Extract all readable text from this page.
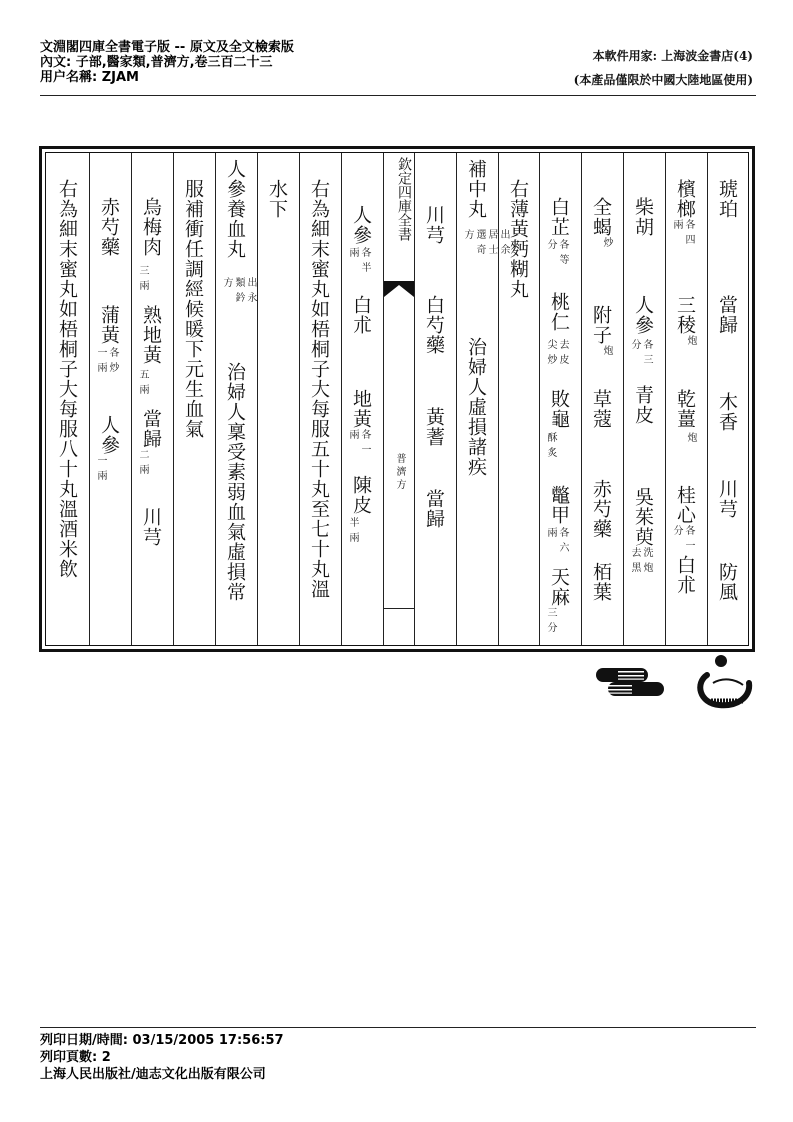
文淵閣四庫全書電子版 -- 原文及全文檢索版
內文: 子部,醫家類,普濟方,卷三百二十三
用户名稱: ZJAM
本軟件用家: 上海波金書店(4)
(本產品僅限於中國大陸地區使用)
琥珀
當歸
木香
川芎
防風
檳榔
三稜
乾薑
桂心
白朮
各四兩
炮
炮
各一分
柴胡
人參
青皮
吳茱萸
各三分
洗炮去黑
全蝎
附子
草蔻
赤芍藥
栢葉
炒
炮
白芷
桃仁
敗龜
鼈甲
天麻
各等分
去皮尖炒
酥炙
各六兩
三分
右薄黃麪糊丸
補中丸
治婦人虛損諸疾
出余居士選奇方
川芎
白芍藥
黃蓍
當歸
欽定四庫全書
普濟方
人參
白朮
地黃
陳皮
各半兩
各一兩
半兩
右為細末蜜丸如梧桐子大每服五十丸至七十丸溫
水下
人參養血丸
治婦人稟受素弱血氣虛損常
出永類鈐方
服補衝任調經候暖下元生血氣
烏梅肉
熟地黃
當歸
川芎
三兩
五兩
二兩
赤芍藥
蒲黃
人參
各炒一兩
一兩
右為細末蜜丸如梧桐子大每服八十丸溫酒米飲
列印日期/時間: 03/15/2005 17:56:57
列印頁數: 2
上海人民出版社/迪志文化出版有限公司
